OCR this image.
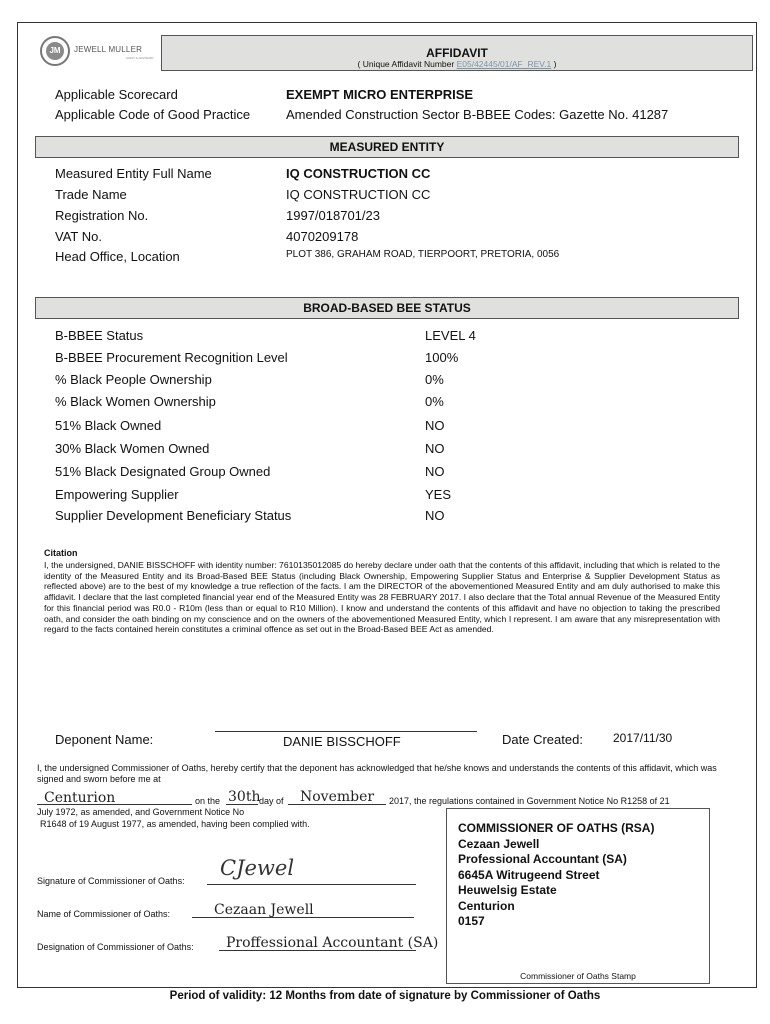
JM	JEWELL MULLER
AUDIT & ADVISORY	AFFIDAVIT
( Unique Affidavit Number E05/42445/01/AF_REV.1 )
Applicable Scorecard	EXEMPT MICRO ENTERPRISE
Applicable Code of Good Practice	Amended Construction Sector B-BBEE Codes: Gazette No. 41287
MEASURED ENTITY
Measured Entity Full Name	IQ CONSTRUCTION CC
Trade Name	IQ CONSTRUCTION CC
Registration No.	1997/018701/23
VAT No.	4070209178
Head Office, Location	PLOT 386, GRAHAM ROAD, TIERPOORT, PRETORIA, 0056
BROAD-BASED BEE STATUS
B-BBEE Status	LEVEL 4
B-BBEE Procurement Recognition Level	100%
% Black People Ownership	0%
% Black Women Ownership	0%
51% Black Owned	NO
30% Black Women Owned	NO
51% Black Designated Group Owned	NO
Empowering Supplier	YES
Supplier Development Beneficiary Status	NO
Citation
I, the undersigned, DANIE BISSCHOFF with identity number: 7610135012085 do hereby declare under oath that the contents of this affidavit, including that which is related to the identity of the Measured Entity and its Broad-Based BEE Status (including Black Ownership, Empowering Supplier Status and Enterprise & Supplier Development Status as reflected above) are to the best of my knowledge a true reflection of the facts. I am the DIRECTOR of the abovementioned Measured Entity and am duly authorised to make this affidavit. I declare that the last completed financial year end of the Measured Entity was 28 FEBRUARY 2017. I also declare that the Total annual Revenue of the Measured Entity for this financial period was R0.0 - R10m (less than or equal to R10 Million). I know and understand the contents of this affidavit and have no objection to taking the prescribed oath, and consider the oath binding on my conscience and on the owners of the abovementioned Measured Entity, which I represent. I am aware that any misrepresentation with regard to the facts contained herein constitutes a criminal offence as set out in the Broad-Based BEE Act as amended.
Deponent Name:	DANIE BISSCHOFF	Date Created:	2017/11/30
I, the undersigned Commissioner of Oaths, hereby certify that the deponent has acknowledged that he/she knows and understands the contents of this affidavit, which was signed and sworn before me at
Centurion	on the 30th
day of November 2017, the regulations contained in Government Notice No R1258 of 21
July 1972, as amended, and Government Notice No
R1648 of 19 August 1977, as amended, having been complied with.
Signature of Commissioner of Oaths:
CJewel
Name of Commissioner of Oaths:	Cezaan Jewell
Designation of Commissioner of Oaths: Proffessional Accountant (SA)
COMMISSIONER OF OATHS (RSA)
Cezaan Jewell
Professional Accountant (SA)
6645A Witrugeend Street
Heuwelsig Estate
Centurion
0157
Commissioner of Oaths Stamp
Period of validity: 12 Months from date of signature by Commissioner of Oaths
